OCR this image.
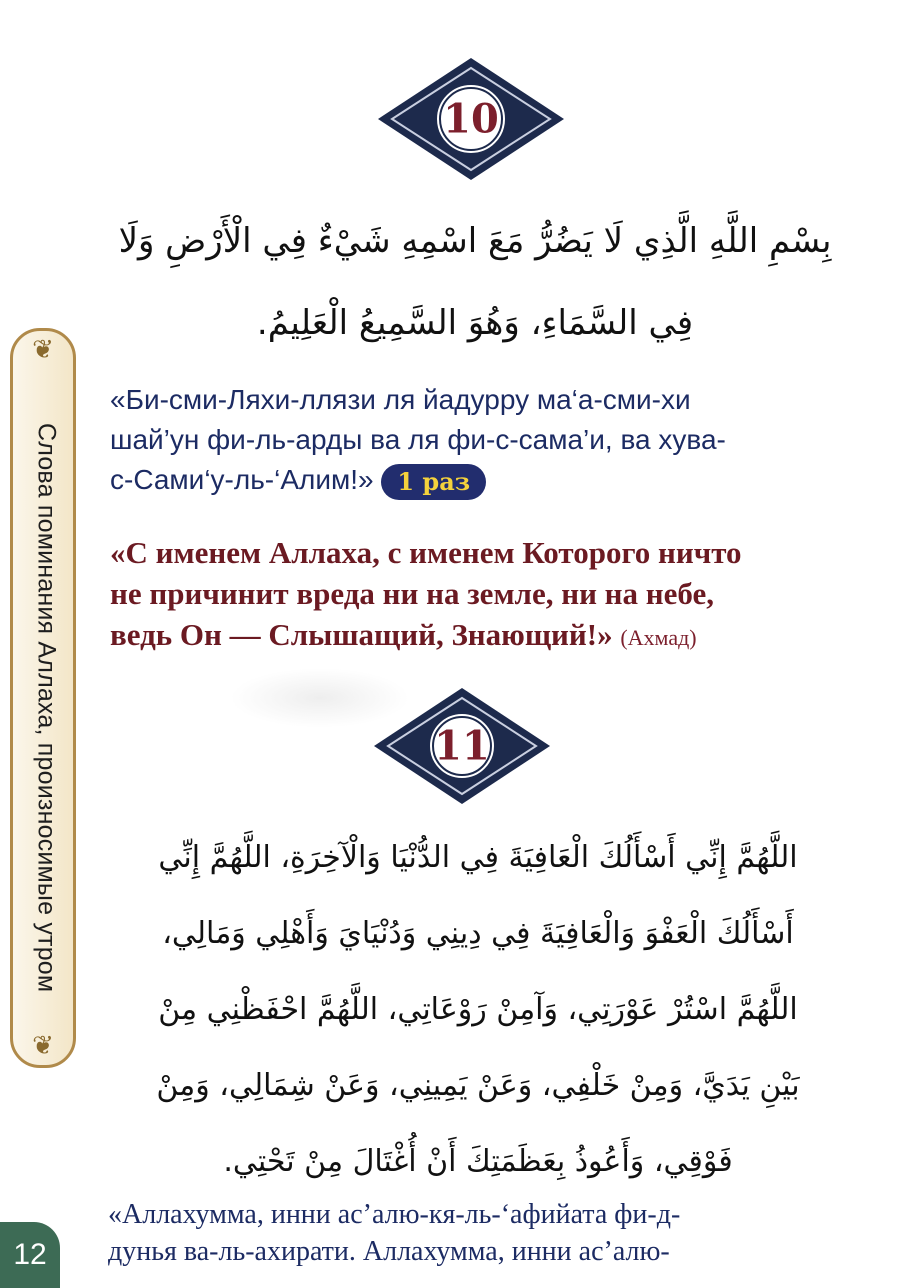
❦
❦
Слова поминания Аллаха, произносимые утром
12
10
بِسْمِ اللَّهِ الَّذِي لَا يَضُرُّ مَعَ اسْمِهِ شَيْءٌ فِي الْأَرْضِ وَلَا
فِي السَّمَاءِ، وَهُوَ السَّمِيعُ الْعَلِيمُ.
«Би-сми-Ляхи-ллязи ля йадурру ма‘а-сми-хи
шай’ун фи-ль-арды ва ля фи-с-сама’и, ва хува-
с-Сами‘у-ль-‘Алим!» 1 раз
«С именем Аллаха, с именем Которого ничто
не причинит вреда ни на земле, ни на небе,
ведь Он — Слышащий, Знающий!» (Ахмад)
11
اللَّهُمَّ إِنِّي أَسْأَلُكَ الْعَافِيَةَ فِي الدُّنْيَا وَالْآخِرَةِ، اللَّهُمَّ إِنِّي
أَسْأَلُكَ الْعَفْوَ وَالْعَافِيَةَ فِي دِينِي وَدُنْيَايَ وَأَهْلِي وَمَالِي،
اللَّهُمَّ اسْتُرْ عَوْرَتِي، وَآمِنْ رَوْعَاتِي، اللَّهُمَّ احْفَظْنِي مِنْ
بَيْنِ يَدَيَّ، وَمِنْ خَلْفِي، وَعَنْ يَمِينِي، وَعَنْ شِمَالِي، وَمِنْ
فَوْقِي، وَأَعُوذُ بِعَظَمَتِكَ أَنْ أُغْتَالَ مِنْ تَحْتِي.
«Аллахумма, инни ас’алю-кя-ль-‘афийата фи-д-
дунья ва-ль-ахирати. Аллахумма, инни ас’алю-
